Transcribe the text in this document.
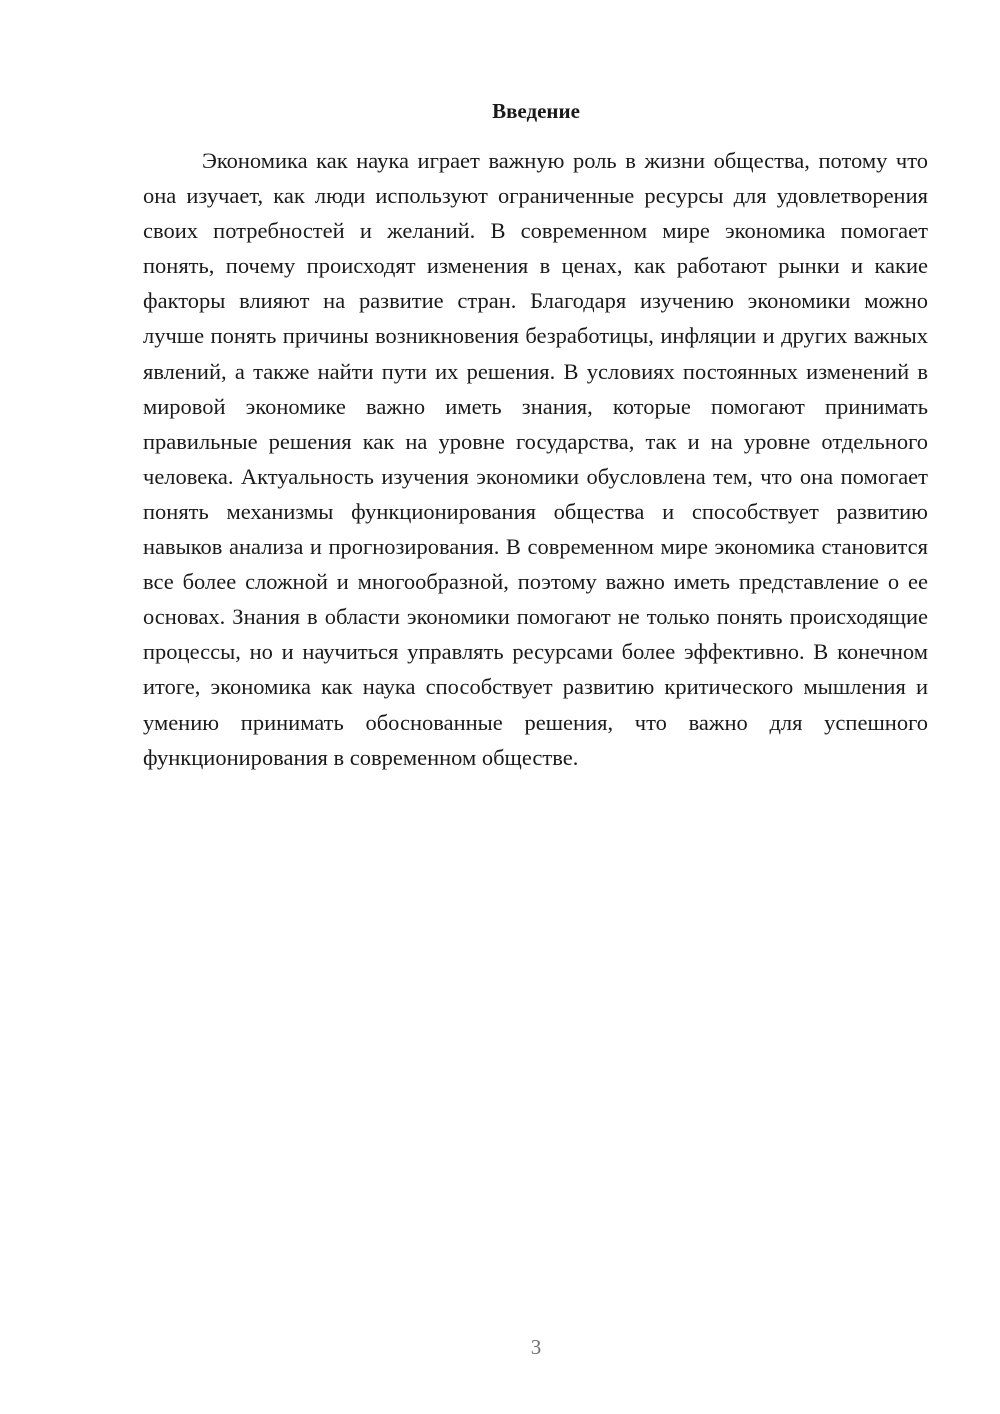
Введение

Экономика как наука играет важную роль в жизни общества, потому что она изучает, как люди используют ограниченные ресурсы для удовлетворения своих потребностей и желаний. В современном мире экономика помогает понять, почему происходят изменения в ценах, как работают рынки и какие факторы влияют на развитие стран. Благодаря изучению экономики можно лучше понять причины возникновения безработицы, инфляции и других важных явлений, а также найти пути их решения. В условиях постоянных изменений в мировой экономике важно иметь знания, которые помогают принимать правильные решения как на уровне государства, так и на уровне отдельного человека. Актуальность изучения экономики обусловлена тем, что она помогает понять механизмы функционирования общества и способствует развитию навыков анализа и прогнозирования. В современном мире экономика становится все более сложной и многообразной, поэтому важно иметь представление о ее основах. Знания в области экономики помогают не только понять происходящие процессы, но и научиться управлять ресурсами более эффективно. В конечном итоге, экономика как наука способствует развитию критического мышления и умению принимать обоснованные решения, что важно для успешного функционирования в современном обществе.

3
